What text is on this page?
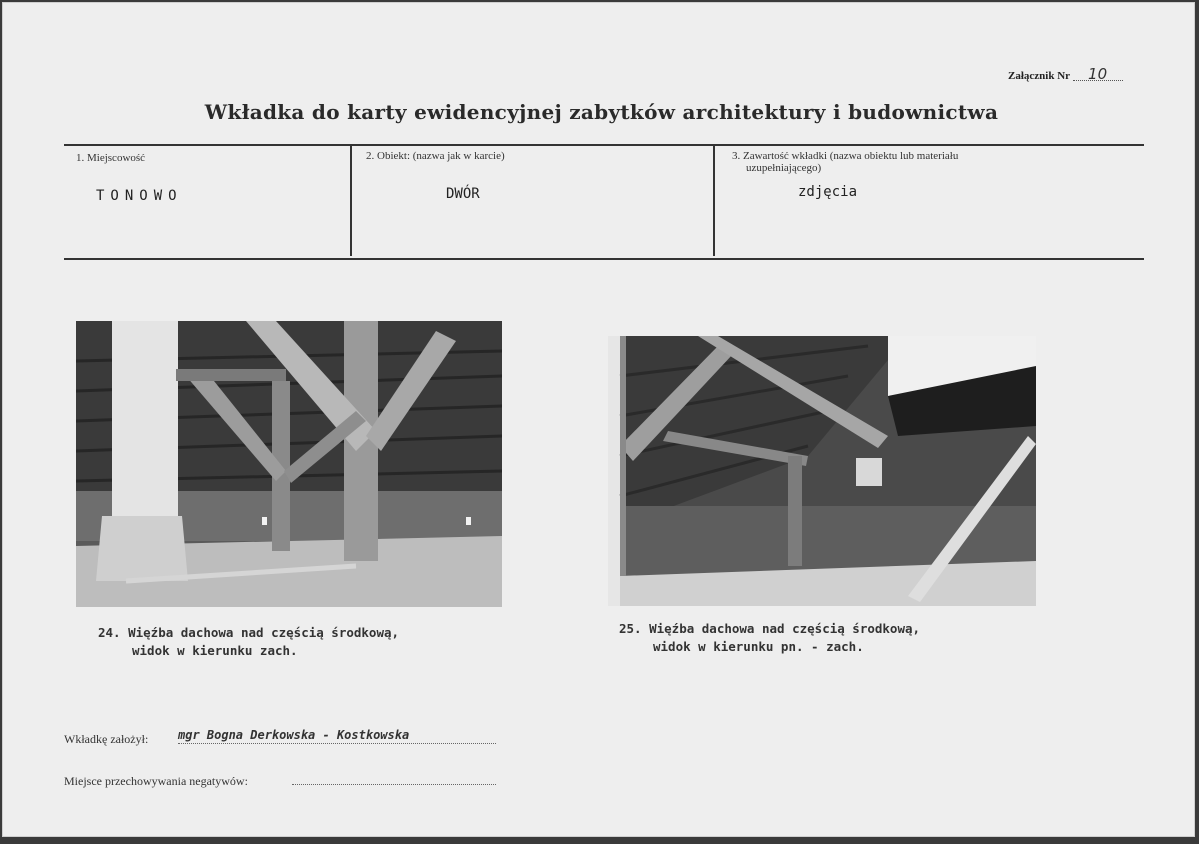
Załącznik Nr 10
Wkładka do karty ewidencyjnej zabytków architektury i budownictwa
1. Miejscowość
TONOWO
2. Obiekt: (nazwa jak w karcie)
DWÓR
3. Zawartość wkładki (nazwa obiektu lub materiału
uzupełniającego)
zdjęcia
24. Więźba dachowa nad częścią środkową,
widok w kierunku zach.
25. Więźba dachowa nad częścią środkową,
widok w kierunku pn. - zach.
Wkładkę założył: mgr Bogna Derkowska - Kostkowska
Miejsce przechowywania negatywów:
